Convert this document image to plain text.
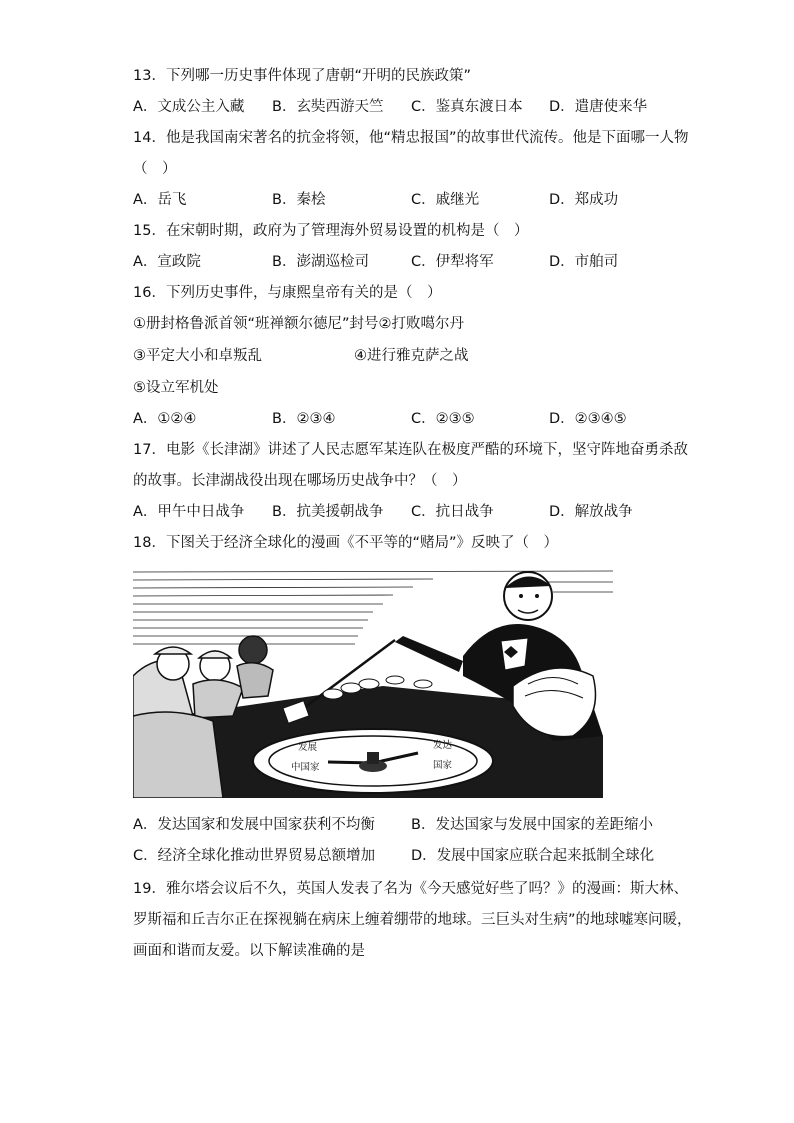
13．下列哪一历史事件体现了唐朝“开明的民族政策”
A．文成公主入藏 B．玄奘西游天竺 C．鉴真东渡日本 D．遣唐使来华
14．他是我国南宋著名的抗金将领，他“精忠报国”的故事世代流传。他是下面哪一人物
（　）
A．岳飞	B．秦桧	C．戚继光	D．郑成功
15．在宋朝时期，政府为了管理海外贸易设置的机构是（　）
A．宣政院	B．澎湖巡检司	C．伊犁将军	D．市舶司
16．下列历史事件，与康熙皇帝有关的是（　）
①册封格鲁派首领“班禅额尔德尼”封号②打败噶尔丹
③平定大小和卓叛乱	④进行雅克萨之战
⑤设立军机处
A．①②④	B．②③④	C．②③⑤	D．②③④⑤
17．电影《长津湖》讲述了人民志愿军某连队在极度严酷的环境下，坚守阵地奋勇杀敌
的故事。长津湖战役出现在哪场历史战争中？（　）
A．甲午中日战争 B．抗美援朝战争 C．抗日战争	D．解放战争
18．下图关于经济全球化的漫画《不平等的“赌局”》反映了（　）
发展
中国家
发达
国家
A．发达国家和发展中国家获利不均衡 B．发达国家与发展中国家的差距缩小
C．经济全球化推动世界贸易总额增加 D．发展中国家应联合起来抵制全球化
19．雅尔塔会议后不久，英国人发表了名为《今天感觉好些了吗？》的漫画：斯大林、
罗斯福和丘吉尔正在探视躺在病床上缠着绷带的地球。三巨头对生病”的地球嘘寒问暖，
画面和谐而友爱。以下解读准确的是
